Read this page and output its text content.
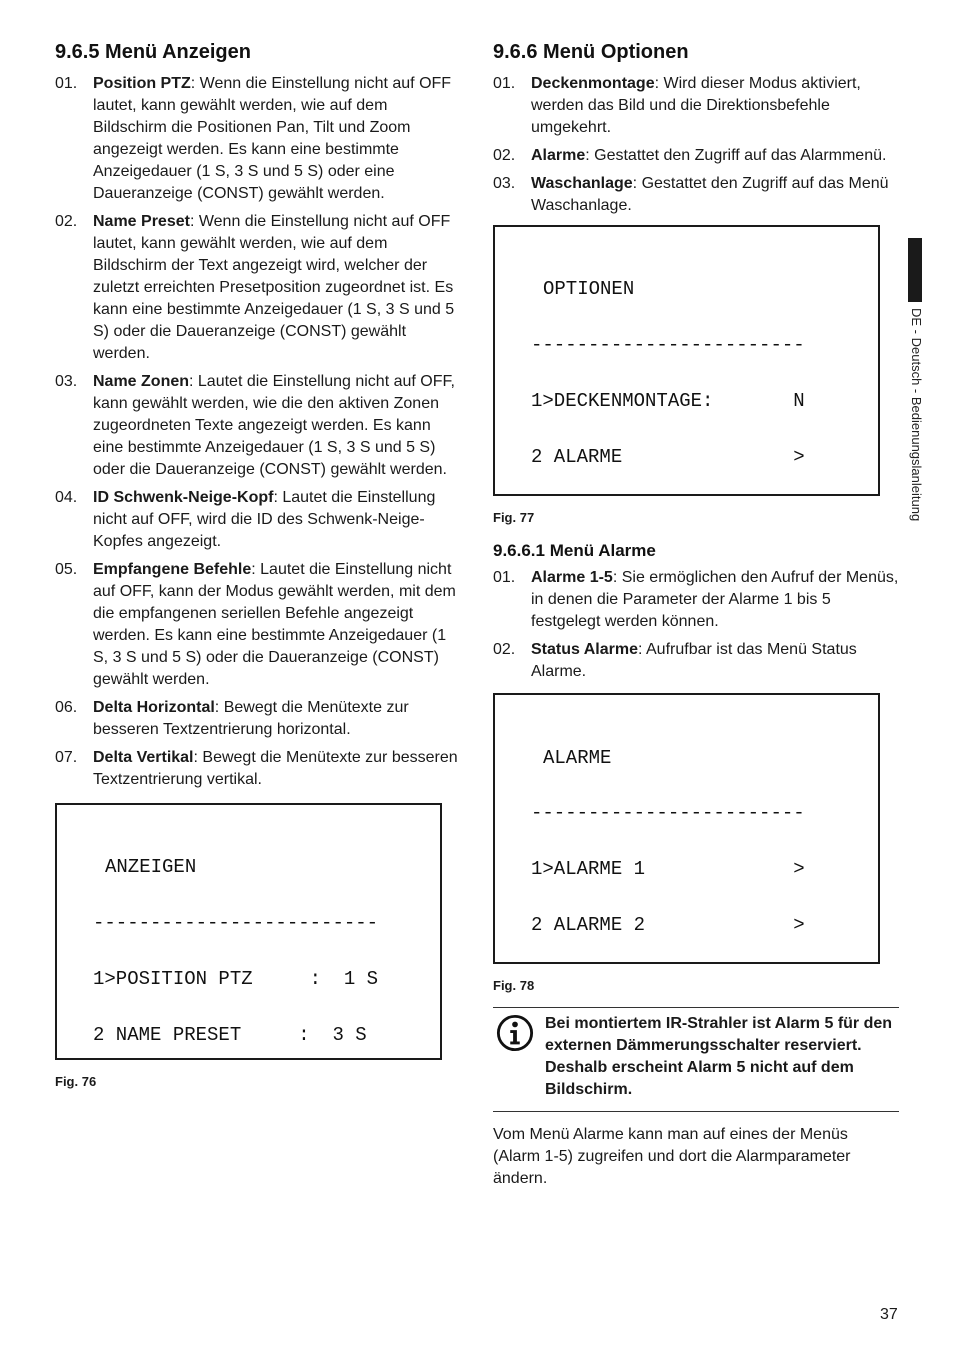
9.6.5 Menü Anzeigen
01. Position PTZ: Wenn die Einstellung nicht auf OFF lautet, kann gewählt werden, wie auf dem Bildschirm die Positionen Pan, Tilt und Zoom angezeigt werden. Es kann eine bestimmte Anzeigedauer (1 S, 3 S und 5 S) oder eine Daueranzeige (CONST) gewählt werden.
02. Name Preset: Wenn die Einstellung nicht auf OFF lautet, kann gewählt werden, wie auf dem Bildschirm der Text angezeigt wird, welcher der zuletzt erreichten Presetposition zugeordnet ist. Es kann eine bestimmte Anzeigedauer (1 S, 3 S und 5 S) oder die Daueranzeige (CONST) gewählt werden.
03. Name Zonen: Lautet die Einstellung nicht auf OFF, kann gewählt werden, wie die den aktiven Zonen zugeordneten Texte angezeigt werden. Es kann eine bestimmte Anzeigedauer (1 S, 3 S und 5 S) oder die Daueranzeige (CONST) gewählt werden.
04. ID Schwenk-Neige-Kopf: Lautet die Einstellung nicht auf OFF, wird die ID des Schwenk-Neige-Kopfes angezeigt.
05. Empfangene Befehle: Lautet die Einstellung nicht auf OFF, kann der Modus gewählt werden, mit dem die empfangenen seriellen Befehle angezeigt werden. Es kann eine bestimmte Anzeigedauer (1 S, 3 S und 5 S) oder die Daueranzeige (CONST) gewählt werden.
06. Delta Horizontal: Bewegt die Menütexte zur besseren Textzentrierung horizontal.
07. Delta Vertikal: Bewegt die Menütexte zur besseren Textzentrierung vertikal.

ANZEIGEN

-------------------------

1>POSITION PTZ     :  1 S

2 NAME PRESET     :  3 S

Fig. 76
9.6.6 Menü Optionen
01. Deckenmontage: Wird dieser Modus aktiviert, werden das Bild und die Direktionsbefehle umgekehrt.
02. Alarme: Gestattet den Zugriff auf das Alarmmenü.
03. Waschanlage: Gestattet den Zugriff auf das Menü Waschanlage.

OPTIONEN

------------------------

1>DECKENMONTAGE:       N

2 ALARME               >

Fig. 77
9.6.6.1 Menü Alarme
01. Alarme 1-5: Sie ermöglichen den Aufruf der Menüs, in denen die Parameter der Alarme 1 bis 5 festgelegt werden können.
02. Status Alarme: Aufrufbar ist das Menü Status Alarme.

ALARME

------------------------

1>ALARME 1             >

2 ALARME 2             >

Fig. 78
Bei montiertem IR-Strahler ist Alarm 5 für den externen Dämmerungsschalter reserviert. Deshalb erscheint Alarm 5 nicht auf dem Bildschirm.

Vom Menü Alarme kann man auf eines der Menüs (Alarm 1-5) zugreifen und dort die Alarmparameter ändern.

DE - Deutsch - Bedienungslanleitung
37
